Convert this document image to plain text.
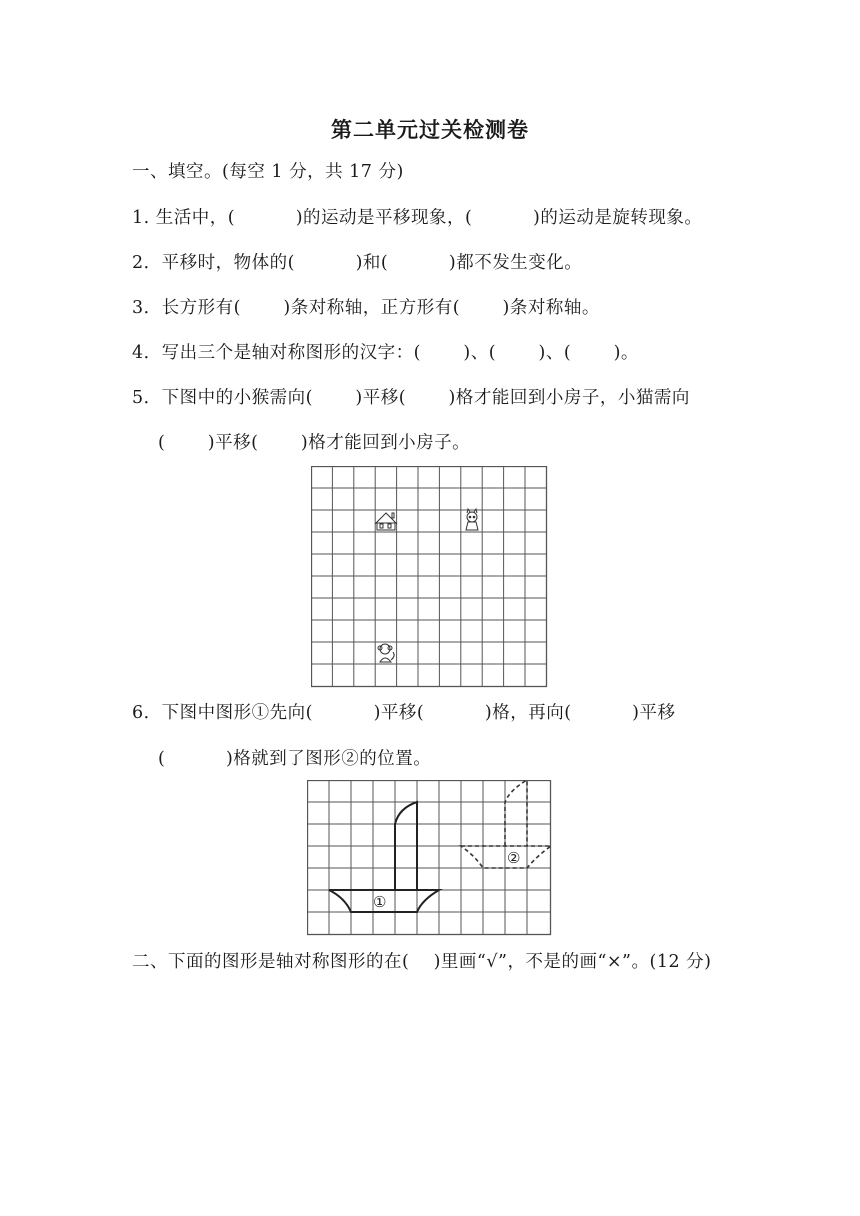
第二单元过关检测卷
一、填空。(每空 1 分，共 17 分)
1. 生活中，(          )的运动是平移现象，(          )的运动是旋转现象。
2．平移时，物体的(          )和(          )都不发生变化。
3．长方形有(       )条对称轴，正方形有(       )条对称轴。
4．写出三个是轴对称图形的汉字：(       )、(       )、(       )。
5．下图中的小猴需向(       )平移(       )格才能回到小房子，小猫需向
(       )平移(       )格才能回到小房子。
6．下图中图形①先向(          )平移(          )格，再向(          )平移
(          )格就到了图形②的位置。
①
②
二、下面的图形是轴对称图形的在(    )里画“√”，不是的画“×”。(12 分)
